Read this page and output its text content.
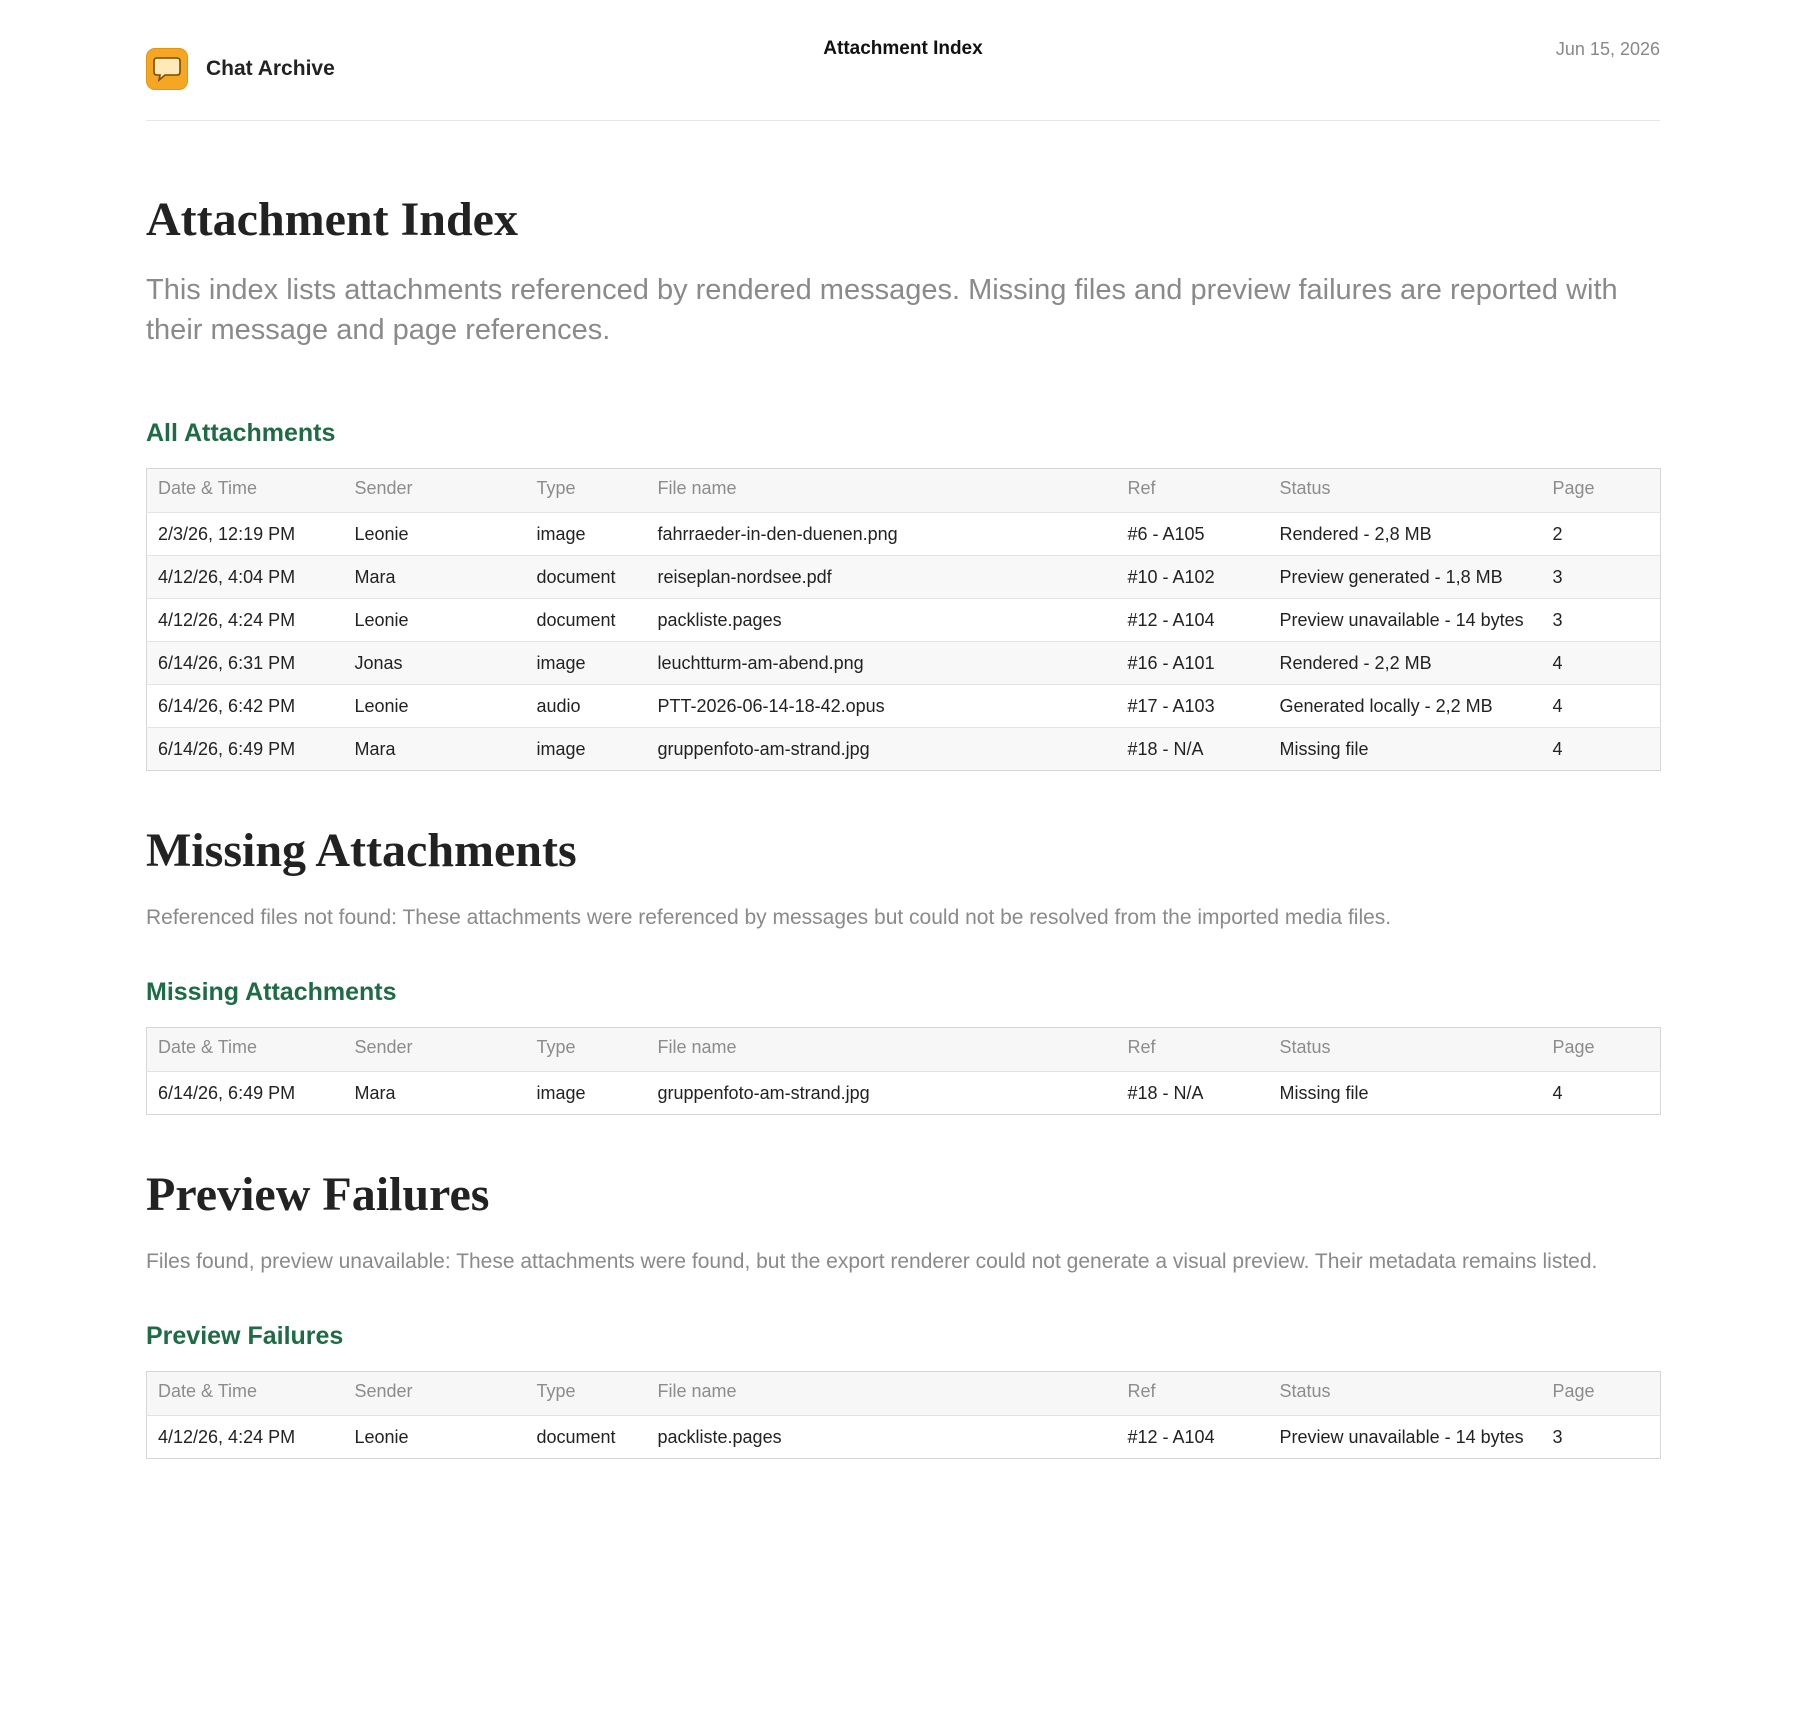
Chat Archive
Attachment Index	Jun 15, 2026
Attachment Index

This index lists attachments referenced by rendered messages. Missing files and preview failures are reported with their message and page references.

All Attachments
Date & Time	Sender	Type	File name	Ref	Status	Page
2/3/26, 12:19 PM	Leonie	image	fahrraeder-in-den-duenen.png	#6 - A105	Rendered - 2,8 MB	2
4/12/26, 4:04 PM	Mara	document	reiseplan-nordsee.pdf	#10 - A102	Preview generated - 1,8 MB	3
4/12/26, 4:24 PM	Leonie	document	packliste.pages	#12 - A104	Preview unavailable - 14 bytes	3
6/14/26, 6:31 PM	Jonas	image	leuchtturm-am-abend.png	#16 - A101	Rendered - 2,2 MB	4
6/14/26, 6:42 PM	Leonie	audio	PTT-2026-06-14-18-42.opus	#17 - A103	Generated locally - 2,2 MB	4
6/14/26, 6:49 PM	Mara	image	gruppenfoto-am-strand.jpg	#18 - N/A	Missing file	4
Missing Attachments

Referenced files not found: These attachments were referenced by messages but could not be resolved from the imported media files.

Missing Attachments
Date & Time	Sender	Type	File name	Ref	Status	Page
6/14/26, 6:49 PM	Mara	image	gruppenfoto-am-strand.jpg	#18 - N/A	Missing file	4
Preview Failures

Files found, preview unavailable: These attachments were found, but the export renderer could not generate a visual preview. Their metadata remains listed.

Preview Failures
Date & Time	Sender	Type	File name	Ref	Status	Page
4/12/26, 4:24 PM	Leonie	document	packliste.pages	#12 - A104	Preview unavailable - 14 bytes	3
